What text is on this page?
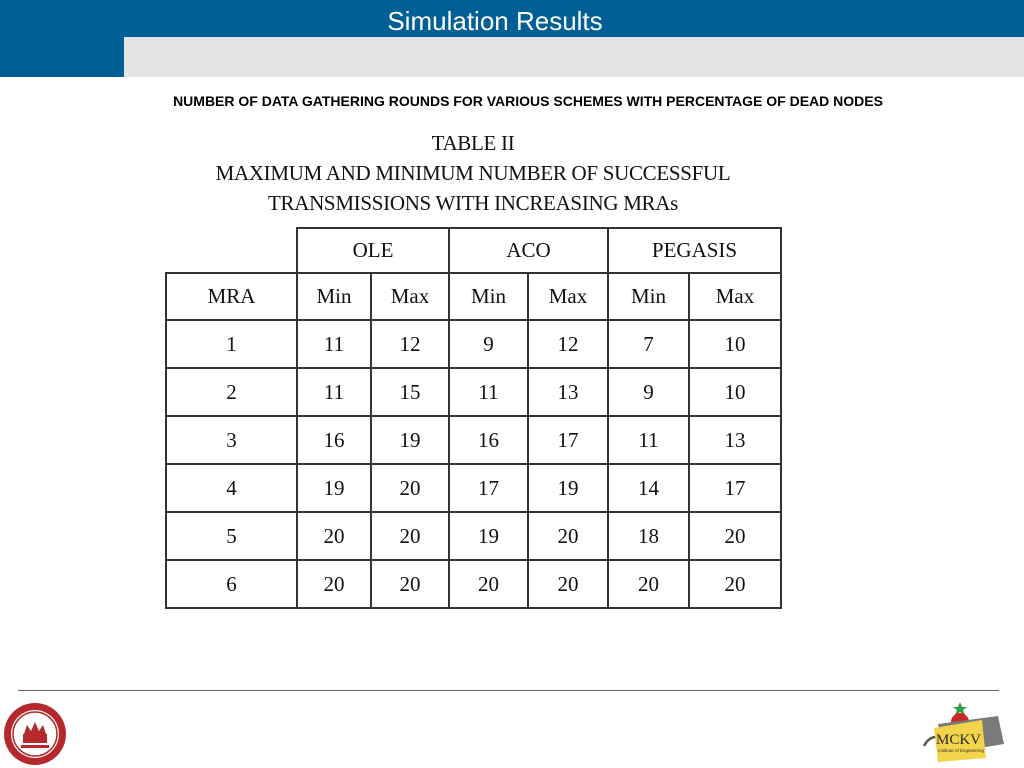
Simulation Results
NUMBER OF DATA GATHERING ROUNDS FOR VARIOUS SCHEMES WITH PERCENTAGE OF DEAD NODES
TABLE II
MAXIMUM AND MINIMUM NUMBER OF SUCCESSFUL
TRANSMISSIONS WITH INCREASING MRAs
	OLE		ACO		PEGASIS	
MRA	Min	Max	Min	Max	Min	Max
1	11	12	9	12	7	10
2	11	15	11	13	9	10
3	16	19	16	17	11	13
4	19	20	17	19	14	17
5	20	20	19	20	18	20
6	20	20	20	20	20	20
MCKV
Institute of Engineering
